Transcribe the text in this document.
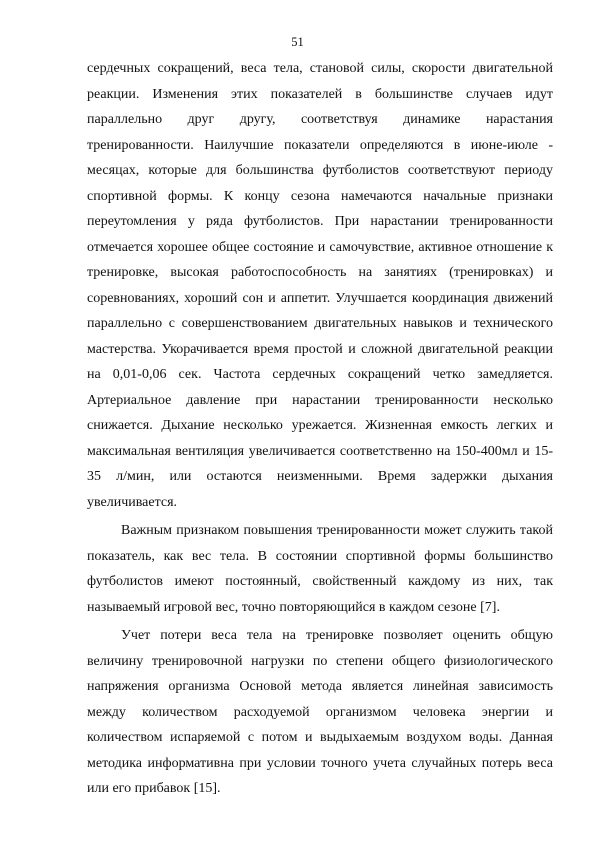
51

сердечных сокращений, веса тела, становой силы, скорости двигательной реакции. Изменения этих показателей в большинстве случаев идут параллельно друг другу, соответствуя динамике нарастания тренированности. Наилучшие показатели определяются в июне-июле - месяцах, которые для большинства футболистов соответствуют периоду спортивной формы. К концу сезона намечаются начальные признаки переутомления у ряда футболистов. При нарастании тренированности отмечается хорошее общее состояние и самочувствие, активное отношение к тренировке, высокая работоспособность на занятиях (тренировках) и соревнованиях, хороший сон и аппетит. Улучшается координация движений параллельно с совершенствованием двигательных навыков и технического мастерства. Укорачивается время простой и сложной двигательной реакции на 0,01-0,06 сек. Частота сердечных сокращений четко замедляется. Артериальное давление при нарастании тренированности несколько снижается. Дыхание несколько урежается. Жизненная емкость легких и максимальная вентиляция увеличивается соответственно на 150-400мл и 15-35 л/мин, или остаются неизменными. Время задержки дыхания увеличивается.

Важным признаком повышения тренированности может служить такой показатель, как вес тела. В состоянии спортивной формы большинство футболистов имеют постоянный, свойственный каждому из них, так называемый игровой вес, точно повторяющийся в каждом сезоне [7].

Учет потери веса тела на тренировке позволяет оценить общую величину тренировочной нагрузки по степени общего физиологического напряжения организма Основой метода является линейная зависимость между количеством расходуемой организмом человека энергии и количеством испаряемой с потом и выдыхаемым воздухом воды. Данная методика информативна при условии точного учета случайных потерь веса или его прибавок [15].
